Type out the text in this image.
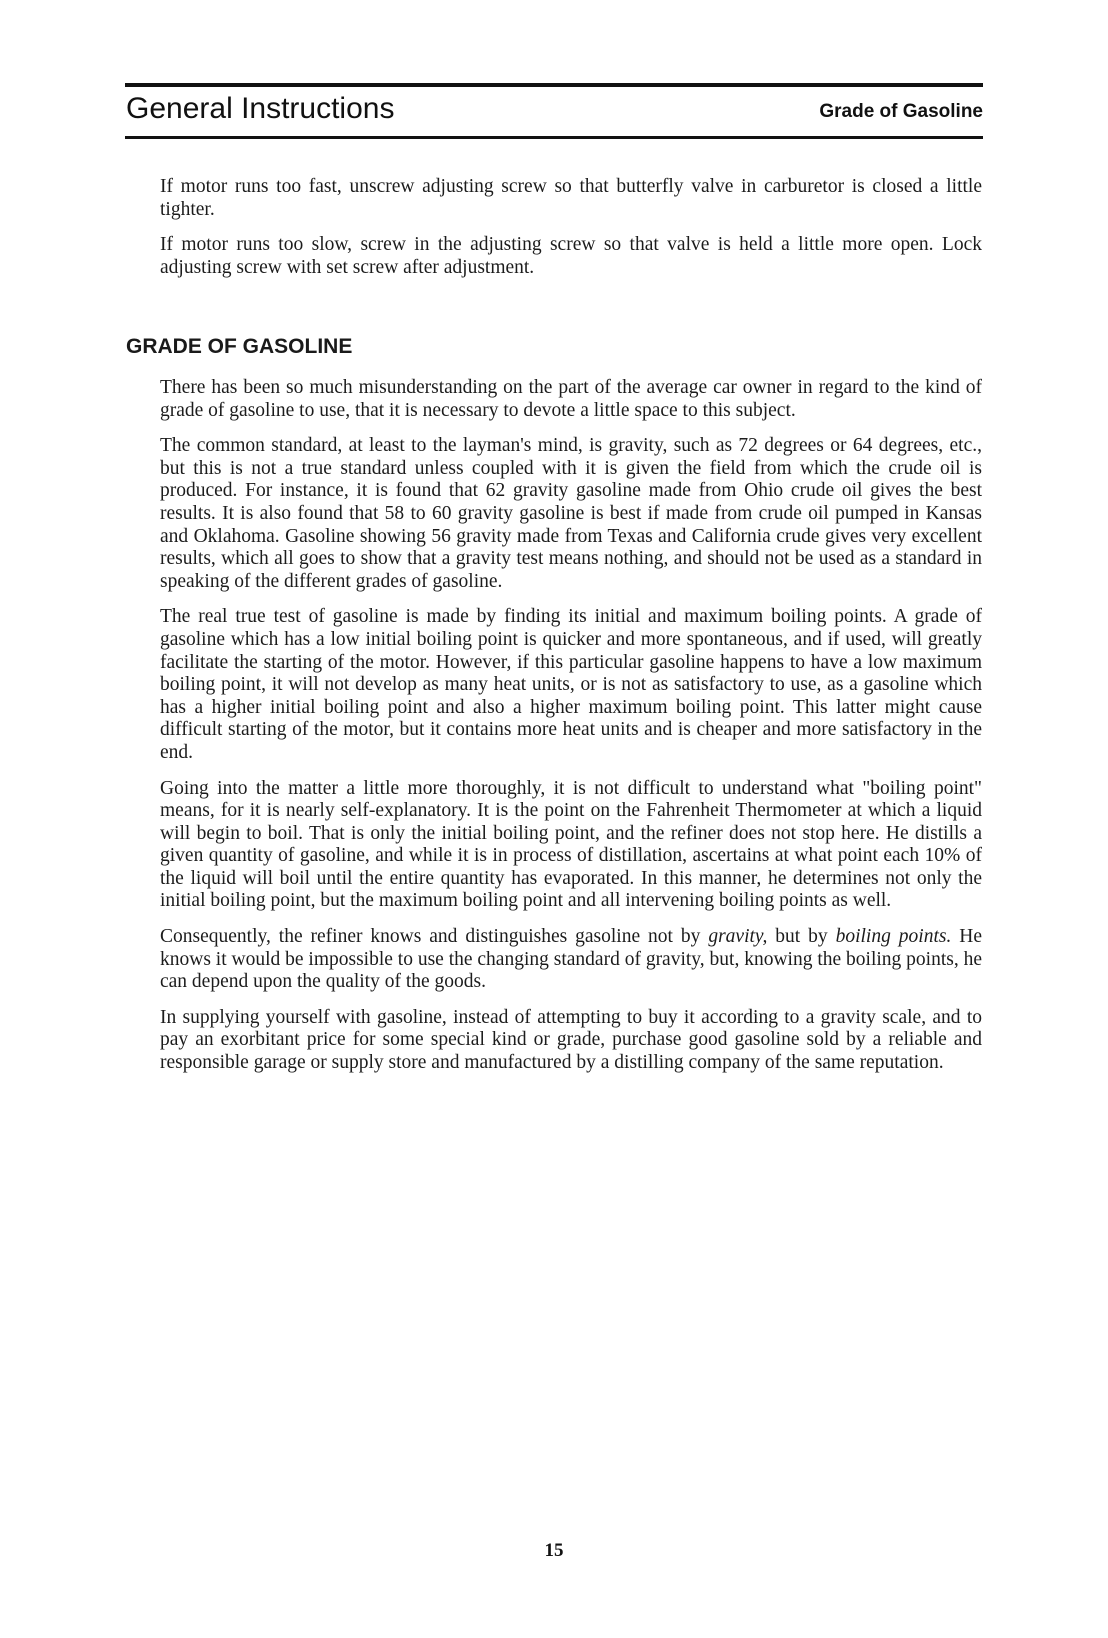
General Instructions	Grade of Gasoline

If motor runs too fast, unscrew adjusting screw so that butterfly valve in carburetor is closed a little tighter.

If motor runs too slow, screw in the adjusting screw so that valve is held a little more open. Lock adjusting screw with set screw after adjustment.

GRADE OF GASOLINE

There has been so much misunderstanding on the part of the average car owner in regard to the kind of grade of gasoline to use, that it is necessary to devote a little space to this subject.

The common standard, at least to the layman's mind, is gravity, such as 72 degrees or 64 degrees, etc., but this is not a true standard unless coupled with it is given the field from which the crude oil is produced. For instance, it is found that 62 gravity gasoline made from Ohio crude oil gives the best results. It is also found that 58 to 60 gravity gasoline is best if made from crude oil pumped in Kansas and Oklahoma. Gasoline showing 56 gravity made from Texas and California crude gives very excellent results, which all goes to show that a gravity test means nothing, and should not be used as a standard in speaking of the different grades of gasoline.

The real true test of gasoline is made by finding its initial and maximum boiling points. A grade of gasoline which has a low initial boiling point is quicker and more spontaneous, and if used, will greatly facilitate the starting of the motor. However, if this particular gasoline happens to have a low maximum boiling point, it will not develop as many heat units, or is not as satisfactory to use, as a gasoline which has a higher initial boiling point and also a higher maximum boiling point. This latter might cause difficult starting of the motor, but it contains more heat units and is cheaper and more satisfactory in the end.

Going into the matter a little more thoroughly, it is not difficult to understand what "boiling point" means, for it is nearly self-explanatory. It is the point on the Fahrenheit Thermometer at which a liquid will begin to boil. That is only the initial boiling point, and the refiner does not stop here. He distills a given quantity of gasoline, and while it is in process of distillation, ascertains at what point each 10% of the liquid will boil until the entire quantity has evaporated. In this manner, he determines not only the initial boiling point, but the maximum boiling point and all intervening boiling points as well.

Consequently, the refiner knows and distinguishes gasoline not by gravity, but by boiling points. He knows it would be impossible to use the changing standard of gravity, but, knowing the boiling points, he can depend upon the quality of the goods.

In supplying yourself with gasoline, instead of attempting to buy it according to a gravity scale, and to pay an exorbitant price for some special kind or grade, purchase good gasoline sold by a reliable and responsible garage or supply store and manufactured by a distilling company of the same reputation.

15
